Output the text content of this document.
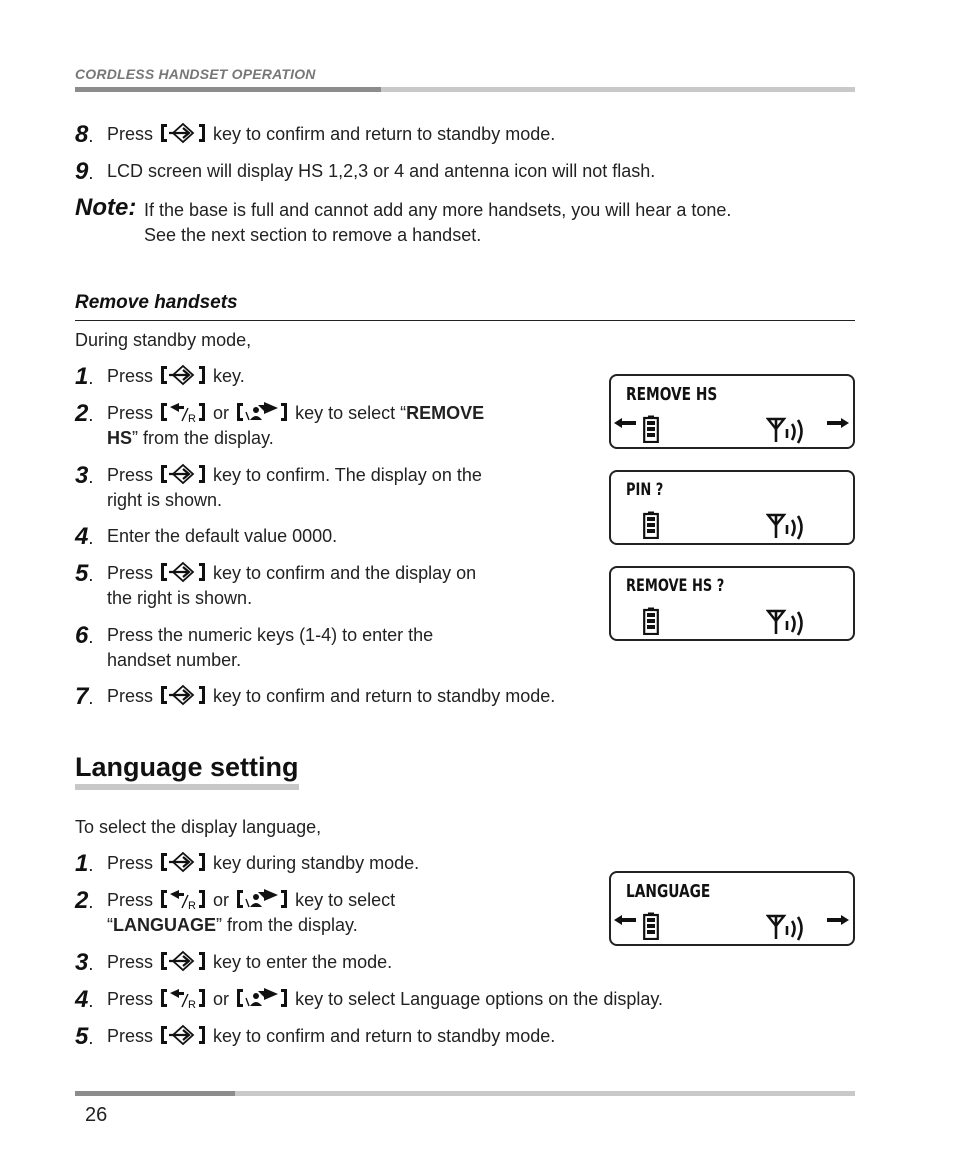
CORDLESS HANDSET OPERATION
8. Press	key to confirm and return to standby mode.
9. LCD screen will display HS 1,2,3 or 4 and antenna icon will not flash.
Note: If the base is full and cannot add any more handsets, you will hear a tone.
See the next section to remove a handset.
Remove handsets
During standby mode,
1. Press	key.
2. Press	or	key to select “REMOVE
HS” from the display.
3. Press	key to confirm. The display on the
right is shown.
4. Enter the default value 0000.
5. Press	key to confirm and the display on
the right is shown.
6. Press the numeric keys (1-4) to enter the
handset number.
7. Press	key to confirm and return to standby mode.
REMOVE HS
PIN ?
REMOVE HS ?
Language setting
To select the display language,
1. Press	key during standby mode.
2. Press	or	key to select
“LANGUAGE” from the display.
3. Press	key to enter the mode.
4. Press	or	key to select Language options on the display.
5. Press	key to confirm and return to standby mode.
LANGUAGE
26
